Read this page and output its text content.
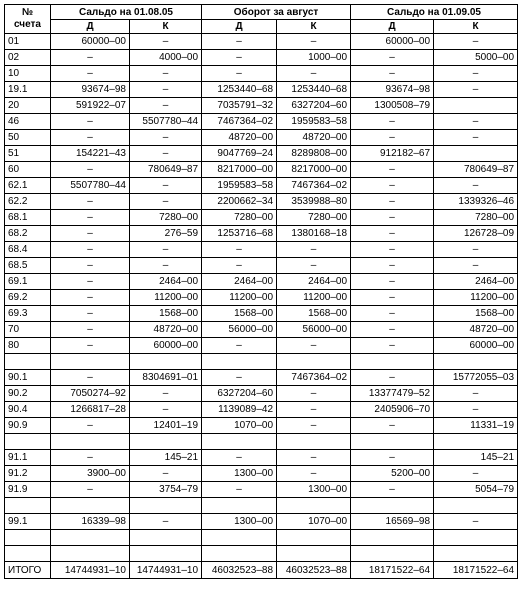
№ счета	Сальдо на 01.08.05		Оборот за август		Сальдо на 01.09.05	
	Д	К	Д	К	Д	К
01	60000–00	–	–	–	60000–00	–
02	–	4000–00	–	1000–00	–	5000–00
10	–	–	–	–	–	–
19.1	93674–98	–	1253440–68	1253440–68	93674–98	–
20	591922–07	–	7035791–32	6327204–60	1300508–79	
46	–	5507780–44	7467364–02	1959583–58	–	–
50	–	–	48720–00	48720–00	–	–
51	154221–43	–	9047769–24	8289808–00	912182–67	
60	–	780649–87	8217000–00	8217000–00	–	780649–87
62.1	5507780–44	–	1959583–58	7467364–02	–	–
62.2	–	–	2200662–34	3539988–80	–	1339326–46
68.1	–	7280–00	7280–00	7280–00	–	7280–00
68.2	–	276–59	1253716–68	1380168–18	–	126728–09
68.4	–	–	–	–	–	–
68.5	–	–	–	–	–	–
69.1	–	2464–00	2464–00	2464–00	–	2464–00
69.2	–	11200–00	11200–00	11200–00	–	11200–00
69.3	–	1568–00	1568–00	1568–00	–	1568–00
70	–	48720–00	56000–00	56000–00	–	48720–00
80	–	60000–00	–	–	–	60000–00

90.1	–	8304691–01	–	7467364–02	–	15772055–03
90.2	7050274–92	–	6327204–60	–	13377479–52	–
90.4	1266817–28	–	1139089–42	–	2405906–70	–
90.9	–	12401–19	1070–00	–	–	11331–19

91.1	–	145–21	–	–	–	145–21
91.2	3900–00	–	1300–00	–	5200–00	–
91.9	–	3754–79	–	1300–00	–	5054–79

99.1	16339–98	–	1300–00	1070–00	16569–98	–

ИТОГО	14744931–10	14744931–10	46032523–88	46032523–88	18171522–64	18171522–64
